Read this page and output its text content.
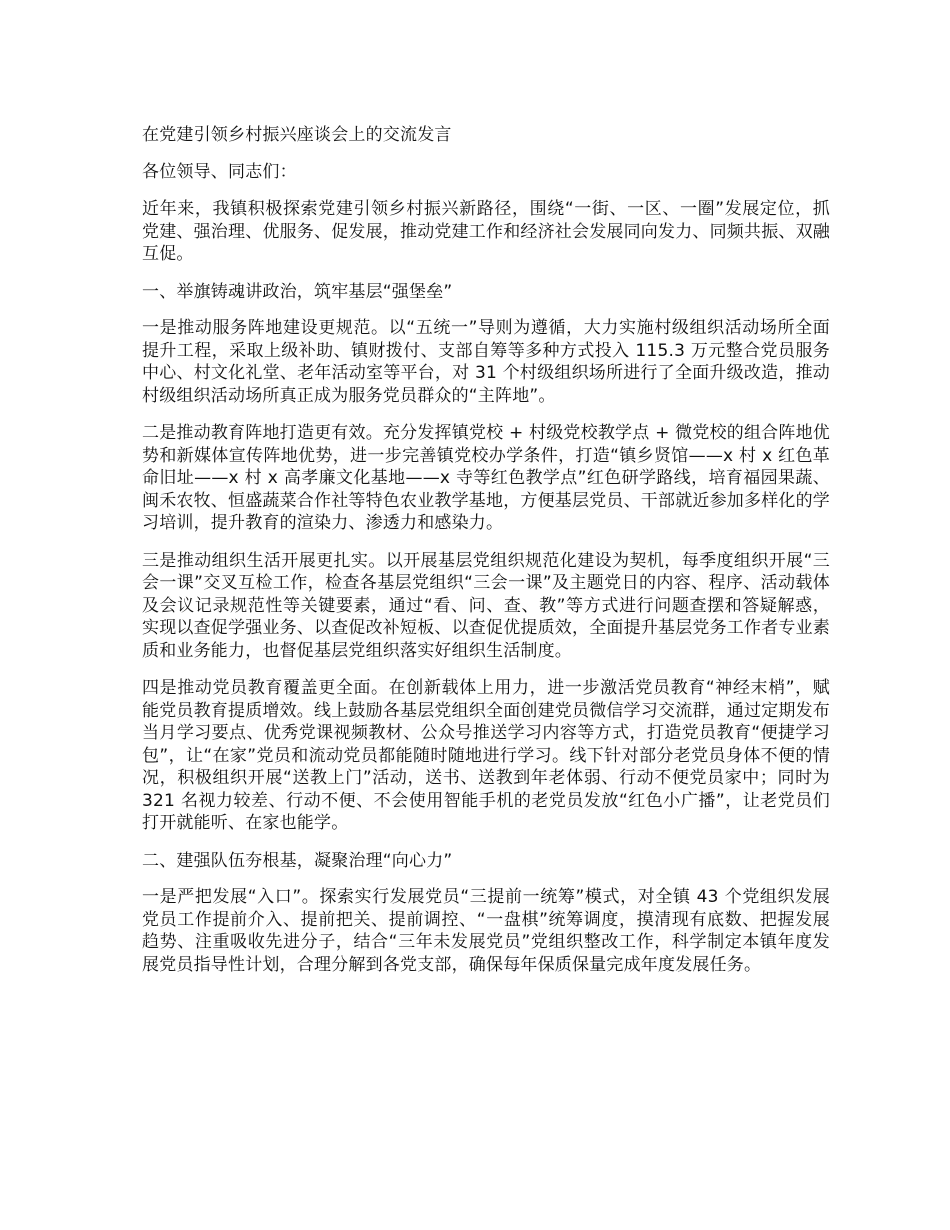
在党建引领乡村振兴座谈会上的交流发言

各位领导、同志们：

近年来，我镇积极探索党建引领乡村振兴新路径，围绕“一街、一区、一圈”发展定位，抓党建、强治理、优服务、促发展，推动党建工作和经济社会发展同向发力、同频共振、双融互促。

一、举旗铸魂讲政治，筑牢基层“强堡垒”

一是推动服务阵地建设更规范。以“五统一”导则为遵循，大力实施村级组织活动场所全面提升工程，采取上级补助、镇财拨付、支部自筹等多种方式投入 115.3 万元整合党员服务中心、村文化礼堂、老年活动室等平台，对 31 个村级组织场所进行了全面升级改造，推动村级组织活动场所真正成为服务党员群众的“主阵地”。

二是推动教育阵地打造更有效。充分发挥镇党校 + 村级党校教学点 + 微党校的组合阵地优势和新媒体宣传阵地优势，进一步完善镇党校办学条件，打造“镇乡贤馆——x 村 x 红色革命旧址——x 村 x 高孝廉文化基地——x 寺等红色教学点”红色研学路线，培育福园果蔬、闽禾农牧、恒盛蔬菜合作社等特色农业教学基地，方便基层党员、干部就近参加多样化的学习培训，提升教育的渲染力、渗透力和感染力。

三是推动组织生活开展更扎实。以开展基层党组织规范化建设为契机，每季度组织开展“三会一课”交叉互检工作，检查各基层党组织“三会一课”及主题党日的内容、程序、活动载体及会议记录规范性等关键要素，通过“看、问、查、教”等方式进行问题查摆和答疑解惑，实现以查促学强业务、以查促改补短板、以查促优提质效，全面提升基层党务工作者专业素质和业务能力，也督促基层党组织落实好组织生活制度。

四是推动党员教育覆盖更全面。在创新载体上用力，进一步激活党员教育“神经末梢”，赋能党员教育提质增效。线上鼓励各基层党组织全面创建党员微信学习交流群，通过定期发布当月学习要点、优秀党课视频教材、公众号推送学习内容等方式，打造党员教育“便捷学习包”，让“在家”党员和流动党员都能随时随地进行学习。线下针对部分老党员身体不便的情况，积极组织开展“送教上门”活动，送书、送教到年老体弱、行动不便党员家中；同时为 321 名视力较差、行动不便、不会使用智能手机的老党员发放“红色小广播”，让老党员们打开就能听、在家也能学。

二、建强队伍夯根基，凝聚治理“向心力”

一是严把发展“入口”。探索实行发展党员“三提前一统筹”模式，对全镇 43 个党组织发展党员工作提前介入、提前把关、提前调控、“一盘棋”统筹调度，摸清现有底数、把握发展趋势、注重吸收先进分子，结合“三年未发展党员”党组织整改工作，科学制定本镇年度发展党员指导性计划，合理分解到各党支部，确保每年保质保量完成年度发展任务。
